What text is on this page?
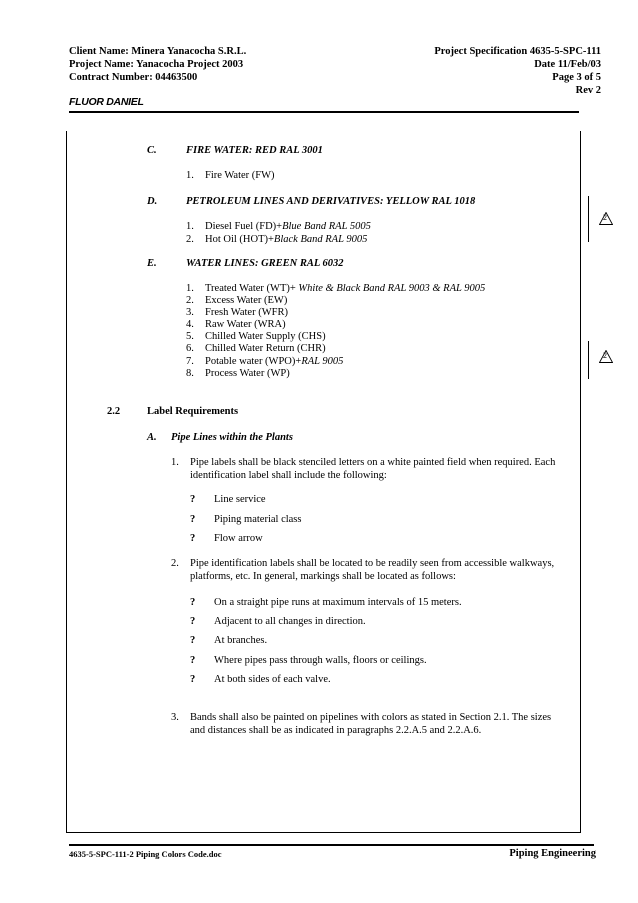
Client Name: Minera Yanacocha S.R.L.
Project Name: Yanacocha Project 2003
Contract Number: 04463500
Project Specification 4635-5-SPC-111
Date 11/Feb/03
Page 3 of 5
Rev 2
FLUOR DANIEL
2
2
C.	FIRE WATER: RED RAL 3001
1. Fire Water (FW)
D.	PETROLEUM LINES AND DERIVATIVES: YELLOW RAL 1018
1. Diesel Fuel (FD)+Blue Band RAL 5005
2. Hot Oil (HOT)+Black Band RAL 9005
E.	WATER LINES: GREEN RAL 6032
1. Treated Water (WT)+ White & Black Band RAL 9003 & RAL 9005
2. Excess Water (EW)
3. Fresh Water (WFR)
4. Raw Water (WRA)
5. Chilled Water Supply (CHS)
6. Chilled Water Return (CHR)
7. Potable water (WPO)+RAL 9005
8. Process Water (WP)
2.2	Label Requirements
A. Pipe Lines within the Plants
1. Pipe labels shall be black stenciled letters on a white painted field when required. Each
identification label shall include the following:
? Line service
? Piping material class
? Flow arrow
2. Pipe identification labels shall be located to be readily seen from accessible walkways,
platforms, etc. In general, markings shall be located as follows:
? On a straight pipe runs at maximum intervals of 15 meters.
? Adjacent to all changes in direction.
? At branches.
? Where pipes pass through walls, floors or ceilings.
? At both sides of each valve.
3. Bands shall also be painted on pipelines with colors as stated in Section 2.1. The sizes
and distances shall be as indicated in paragraphs 2.2.A.5 and 2.2.A.6.
4635-5-SPC-111-2 Piping Colors Code.doc	Piping Engineering
